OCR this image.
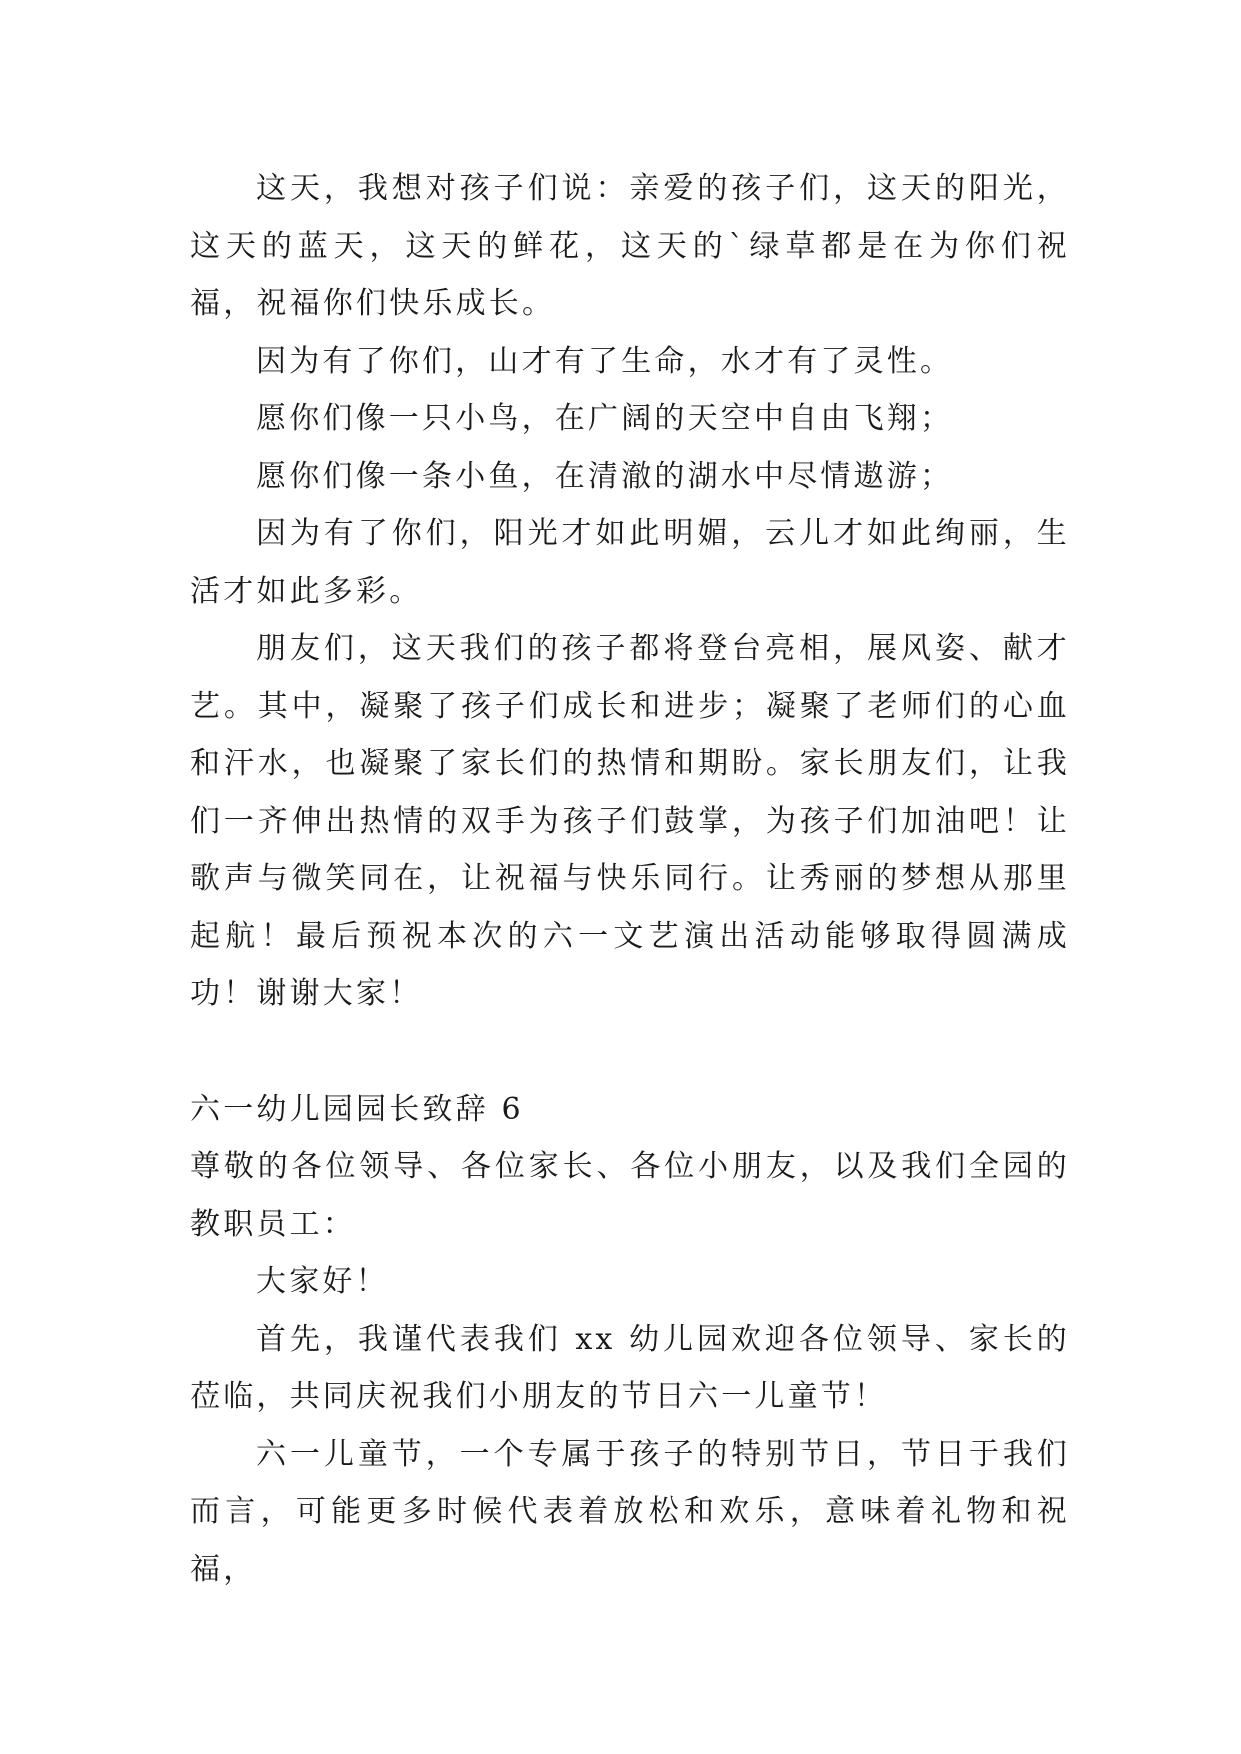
这天，我想对孩子们说：亲爱的孩子们，这天的阳光，这天的蓝天，这天的鲜花，这天的`绿草都是在为你们祝福，祝福你们快乐成长。

因为有了你们，山才有了生命，水才有了灵性。

愿你们像一只小鸟，在广阔的天空中自由飞翔；

愿你们像一条小鱼，在清澈的湖水中尽情遨游；

因为有了你们，阳光才如此明媚，云儿才如此绚丽，生活才如此多彩。

朋友们，这天我们的孩子都将登台亮相，展风姿、献才艺。其中，凝聚了孩子们成长和进步；凝聚了老师们的心血和汗水，也凝聚了家长们的热情和期盼。家长朋友们，让我们一齐伸出热情的双手为孩子们鼓掌，为孩子们加油吧！让歌声与微笑同在，让祝福与快乐同行。让秀丽的梦想从那里起航！最后预祝本次的六一文艺演出活动能够取得圆满成功！谢谢大家！

六一幼儿园园长致辞 6

尊敬的各位领导、各位家长、各位小朋友，以及我们全园的教职员工：

大家好！

首先，我谨代表我们 xx 幼儿园欢迎各位领导、家长的莅临，共同庆祝我们小朋友的节日六一儿童节！

六一儿童节，一个专属于孩子的特别节日，节日于我们而言，可能更多时候代表着放松和欢乐，意味着礼物和祝福，
